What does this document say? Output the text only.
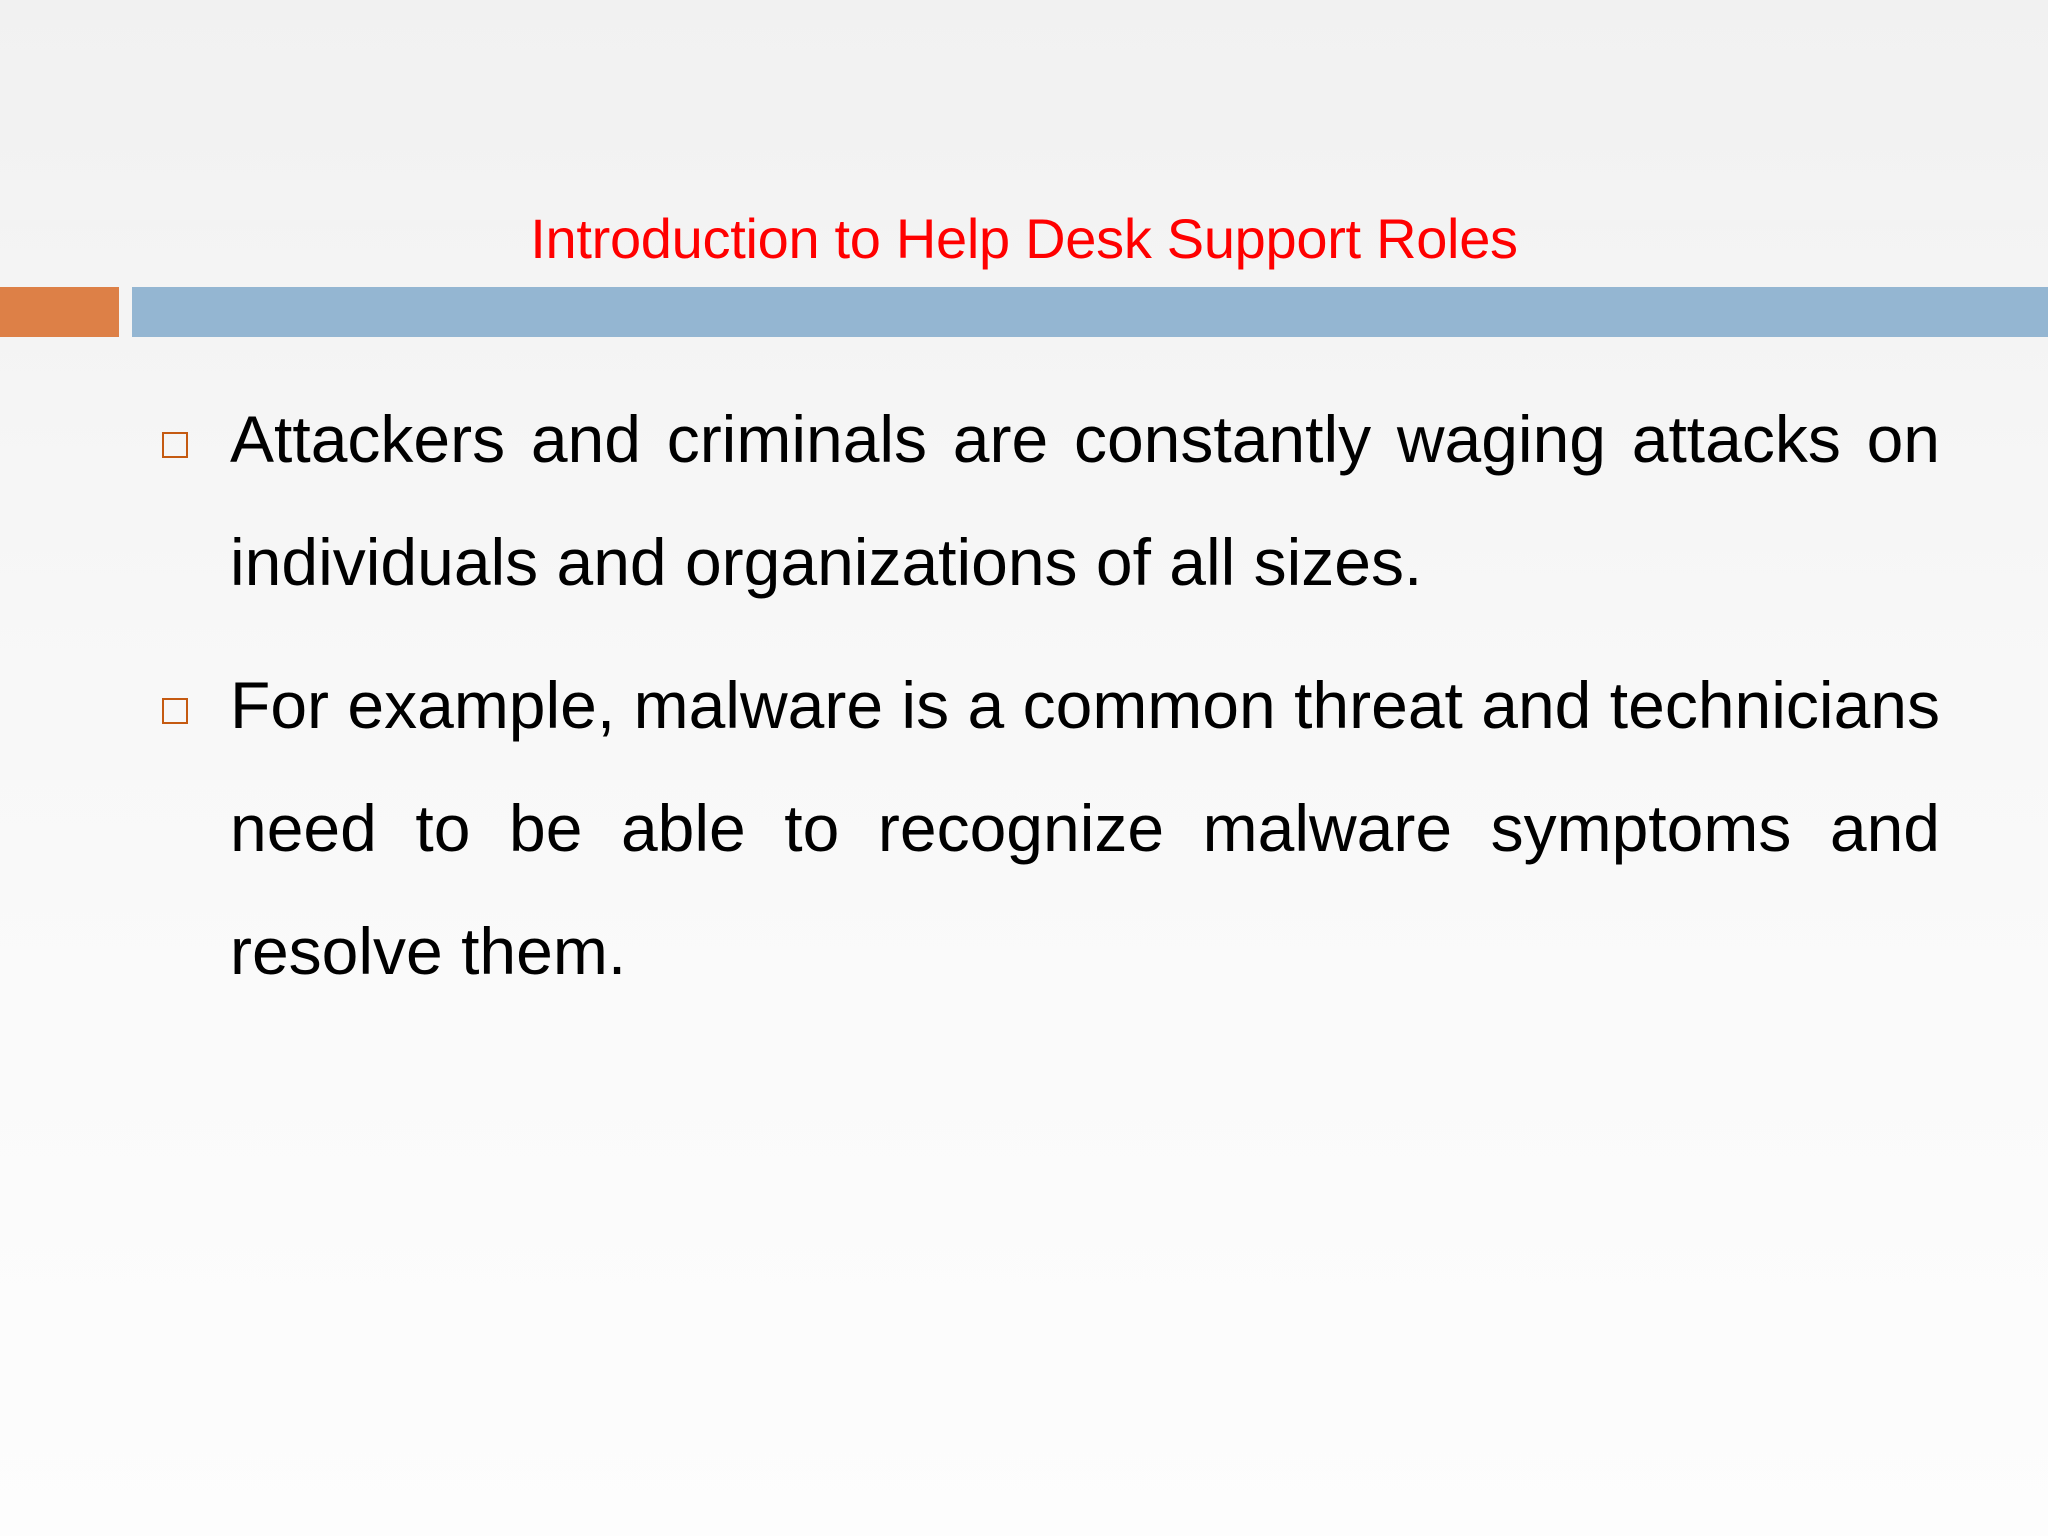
Introduction to Help Desk Support Roles

Attackers and criminals are constantly waging attacks on individuals and organizations of all sizes.

For example, malware is a common threat and technicians need to be able to recognize malware symptoms and resolve them.
